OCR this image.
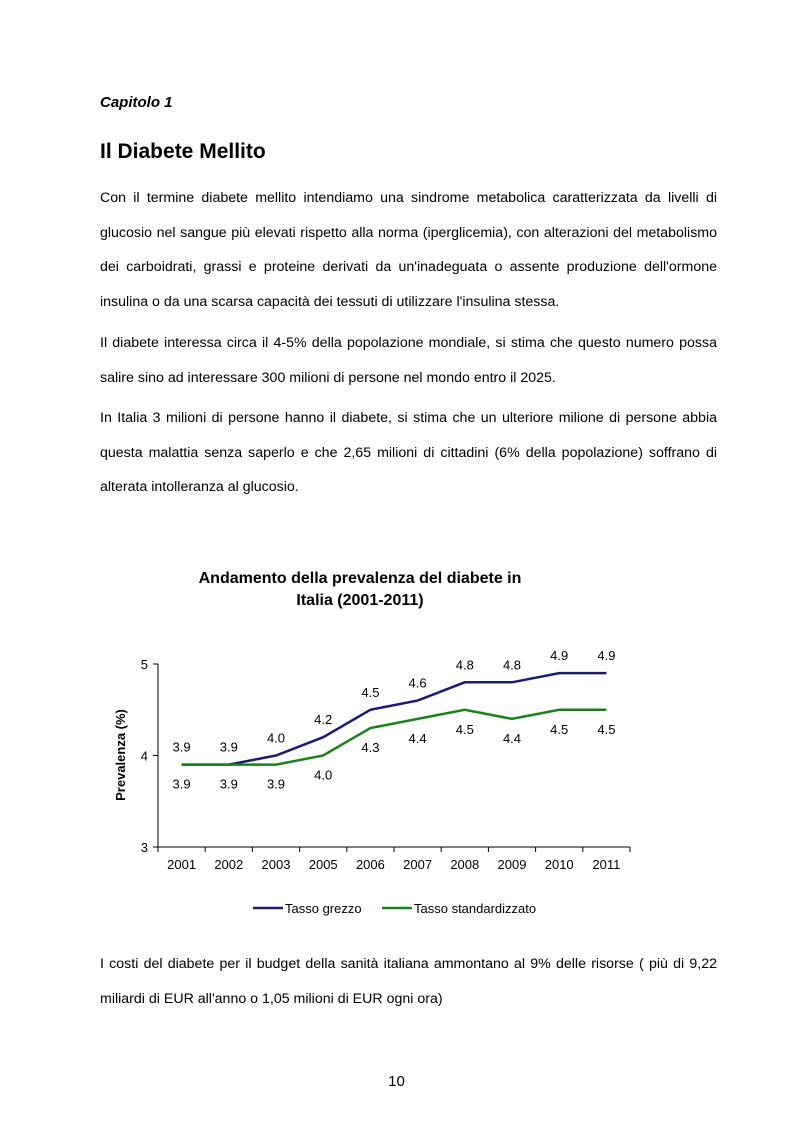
Capitolo 1

Il Diabete Mellito

Con il termine diabete mellito intendiamo una sindrome metabolica caratterizzata da livelli di glucosio nel sangue più elevati rispetto alla norma (iperglicemia), con alterazioni del metabolismo dei carboidrati, grassi e proteine derivati da un'inadeguata o assente produzione dell'ormone insulina o da una scarsa capacità dei tessuti di utilizzare l'insulina stessa.

Il diabete interessa circa il 4-5% della popolazione mondiale, si stima che questo numero possa salire sino ad interessare 300 milioni di persone nel mondo entro il 2025.

In Italia 3 milioni di persone hanno il diabete, si stima che un ulteriore milione di persone abbia questa malattia senza saperlo e che 2,65 milioni di cittadini (6% della popolazione) soffrano di alterata intolleranza al glucosio.

Andamento della prevalenza del diabete in
Italia (2001-2011)
Prevalenza (%)
3
4
5
2001 2002 2003 2005 2006 2007 2008 2009 2010 2011
3.9 3.9
4.0
4.2
4.5
4.6
4.8 4.8
4.9 4.9
3.9 3.9 3.9
4.0
4.3
4.4
4.5
4.4
4.5 4.5
Tasso grezzo	Tasso standardizzato

I costi del diabete per il budget della sanità italiana ammontano al 9% delle risorse ( più di 9,22 miliardi di EUR all'anno o 1,05 milioni di EUR ogni ora)

10
